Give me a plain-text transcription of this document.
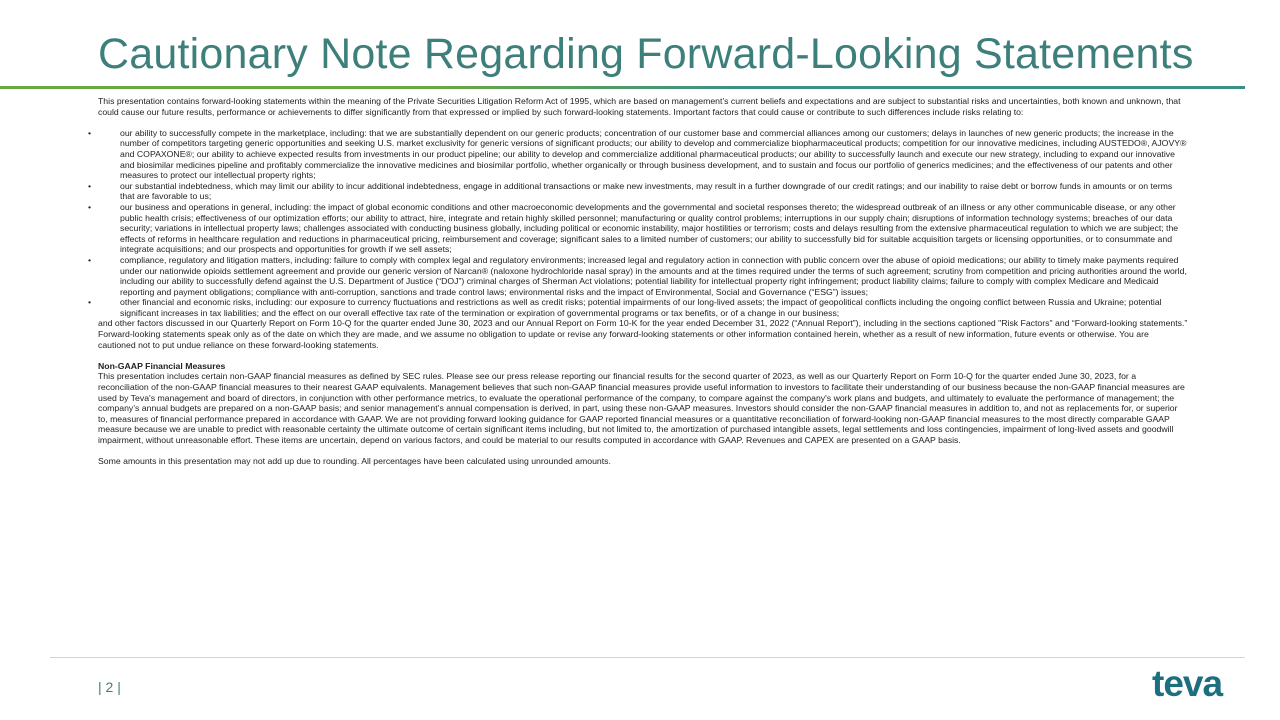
Cautionary Note Regarding Forward-Looking Statements

This presentation contains forward-looking statements within the meaning of the Private Securities Litigation Reform Act of 1995, which are based on management’s current beliefs and expectations and are subject to substantial risks and uncertainties, both known and unknown, that could cause our future results, performance or achievements to differ significantly from that expressed or implied by such forward-looking statements. Important factors that could cause or contribute to such differences include risks relating to:

•	our ability to successfully compete in the marketplace, including: that we are substantially dependent on our generic products; concentration of our customer base and commercial alliances among our customers; delays in launches of new generic products; the increase in the number of competitors targeting generic opportunities and seeking U.S. market exclusivity for generic versions of significant products; our ability to develop and commercialize biopharmaceutical products; competition for our innovative medicines, including AUSTEDO®, AJOVY® and COPAXONE®; our ability to achieve expected results from investments in our product pipeline; our ability to develop and commercialize additional pharmaceutical products; our ability to successfully launch and execute our new strategy, including to expand our innovative and biosimilar medicines pipeline and profitably commercialize the innovative medicines and biosimilar portfolio, whether organically or through business development, and to sustain and focus our portfolio of generics medicines; and the effectiveness of our patents and other measures to protect our intellectual property rights;
•	our substantial indebtedness, which may limit our ability to incur additional indebtedness, engage in additional transactions or make new investments, may result in a further downgrade of our credit ratings; and our inability to raise debt or borrow funds in amounts or on terms that are favorable to us;
•	our business and operations in general, including: the impact of global economic conditions and other macroeconomic developments and the governmental and societal responses thereto; the widespread outbreak of an illness or any other communicable disease, or any other public health crisis; effectiveness of our optimization efforts; our ability to attract, hire, integrate and retain highly skilled personnel; manufacturing or quality control problems; interruptions in our supply chain; disruptions of information technology systems; breaches of our data security; variations in intellectual property laws; challenges associated with conducting business globally, including political or economic instability, major hostilities or terrorism; costs and delays resulting from the extensive pharmaceutical regulation to which we are subject; the effects of reforms in healthcare regulation and reductions in pharmaceutical pricing, reimbursement and coverage; significant sales to a limited number of customers; our ability to successfully bid for suitable acquisition targets or licensing opportunities, or to consummate and integrate acquisitions; and our prospects and opportunities for growth if we sell assets;
•	compliance, regulatory and litigation matters, including: failure to comply with complex legal and regulatory environments; increased legal and regulatory action in connection with public concern over the abuse of opioid medications; our ability to timely make payments required under our nationwide opioids settlement agreement and provide our generic version of Narcan® (naloxone hydrochloride nasal spray) in the amounts and at the times required under the terms of such agreement; scrutiny from competition and pricing authorities around the world, including our ability to successfully defend against the U.S. Department of Justice (“DOJ”) criminal charges of Sherman Act violations; potential liability for intellectual property right infringement; product liability claims; failure to comply with complex Medicare and Medicaid reporting and payment obligations; compliance with anti-corruption, sanctions and trade control laws; environmental risks and the impact of Environmental, Social and Governance (“ESG”) issues;
•	other financial and economic risks, including: our exposure to currency fluctuations and restrictions as well as credit risks; potential impairments of our long-lived assets; the impact of geopolitical conflicts including the ongoing conflict between Russia and Ukraine; potential significant increases in tax liabilities; and the effect on our overall effective tax rate of the termination or expiration of governmental programs or tax benefits, or of a change in our business;

and other factors discussed in our Quarterly Report on Form 10-Q for the quarter ended June 30, 2023 and our Annual Report on Form 10-K for the year ended December 31, 2022 (“Annual Report”), including in the sections captioned "Risk Factors" and “Forward-looking statements.” Forward-looking statements speak only as of the date on which they are made, and we assume no obligation to update or revise any forward-looking statements or other information contained herein, whether as a result of new information, future events or otherwise. You are cautioned not to put undue reliance on these forward-looking statements.

Non-GAAP Financial Measures

This presentation includes certain non-GAAP financial measures as defined by SEC rules. Please see our press release reporting our financial results for the second quarter of 2023, as well as our Quarterly Report on Form 10-Q for the quarter ended June 30, 2023, for a reconciliation of the non-GAAP financial measures to their nearest GAAP equivalents. Management believes that such non-GAAP financial measures provide useful information to investors to facilitate their understanding of our business because the non-GAAP financial measures are used by Teva's management and board of directors, in conjunction with other performance metrics, to evaluate the operational performance of the company, to compare against the company's work plans and budgets, and ultimately to evaluate the performance of management; the company’s annual budgets are prepared on a non-GAAP basis; and senior management’s annual compensation is derived, in part, using these non-GAAP measures. Investors should consider the non-GAAP financial measures in addition to, and not as replacements for, or superior to, measures of financial performance prepared in accordance with GAAP. We are not providing forward looking guidance for GAAP reported financial measures or a quantitative reconciliation of forward-looking non-GAAP financial measures to the most directly comparable GAAP measure because we are unable to predict with reasonable certainty the ultimate outcome of certain significant items including, but not limited to, the amortization of purchased intangible assets, legal settlements and loss contingencies, impairment of long-lived assets and goodwill impairment, without unreasonable effort. These items are uncertain, depend on various factors, and could be material to our results computed in accordance with GAAP. Revenues and CAPEX are presented on a GAAP basis.

Some amounts in this presentation may not add up due to rounding. All percentages have been calculated using unrounded amounts.

| 2 |	teva
